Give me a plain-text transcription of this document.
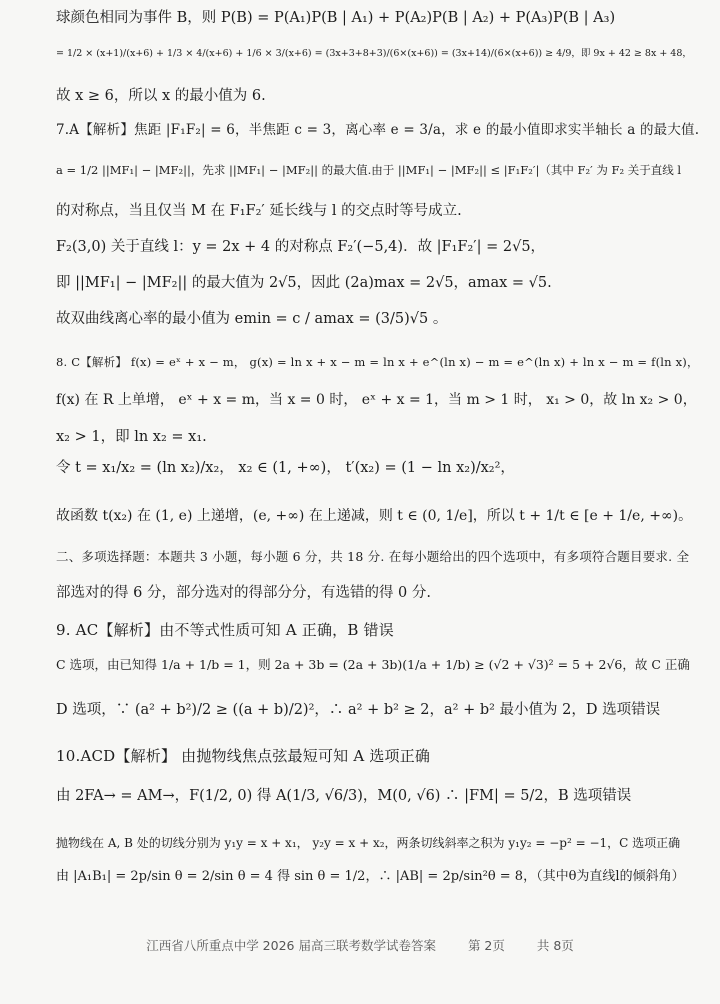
球颜色相同为事件 B，则 P(B) = P(A₁)P(B | A₁) + P(A₂)P(B | A₂) + P(A₃)P(B | A₃)
= 1/2 × (x+1)/(x+6) + 1/3 × 4/(x+6) + 1/6 × 3/(x+6) = (3x+3+8+3)/(6×(x+6)) = (3x+14)/(6×(x+6)) ≥ 4/9，即 9x + 42 ≥ 8x + 48，
故 x ≥ 6，所以 x 的最小值为 6.
7.A【解析】焦距 |F₁F₂| = 6，半焦距 c = 3，离心率 e = 3/a，求 e 的最小值即求实半轴长 a 的最大值.
a = 1/2 ||MF₁| − |MF₂||，先求 ||MF₁| − |MF₂|| 的最大值.由于 ||MF₁| − |MF₂|| ≤ |F₁F₂′|（其中 F₂′ 为 F₂ 关于直线 l
的对称点，当且仅当 M 在 F₁F₂′ 延长线与 l 的交点时等号成立.
F₂(3,0) 关于直线 l：y = 2x + 4 的对称点 F₂′(−5,4)．故 |F₁F₂′| = 2√5，
即 ||MF₁| − |MF₂|| 的最大值为 2√5，因此 (2a)max = 2√5，amax = √5.
故双曲线离心率的最小值为 emin = c / amax = (3/5)√5 。
8. C【解析】 f(x) = eˣ + x − m， g(x) = ln x + x − m = ln x + e^(ln x) − m = e^(ln x) + ln x − m = f(ln x)，
f(x) 在 R 上单增， eˣ + x = m，当 x = 0 时， eˣ + x = 1，当 m > 1 时， x₁ > 0，故 ln x₂ > 0，
x₂ > 1，即 ln x₂ = x₁.
令 t = x₁/x₂ = (ln x₂)/x₂， x₂ ∈ (1, +∞)， t′(x₂) = (1 − ln x₂)/x₂²，
故函数 t(x₂) 在 (1, e) 上递增，(e, +∞) 在上递减，则 t ∈ (0, 1/e]，所以 t + 1/t ∈ [e + 1/e, +∞)。
二、多项选择题：本题共 3 小题，每小题 6 分，共 18 分. 在每小题给出的四个选项中，有多项符合题目要求. 全
部选对的得 6 分，部分选对的得部分分，有选错的得 0 分.
9. AC【解析】由不等式性质可知 A 正确，B 错误
C 选项，由已知得 1/a + 1/b = 1，则 2a + 3b = (2a + 3b)(1/a + 1/b) ≥ (√2 + √3)² = 5 + 2√6，故 C 正确
D 选项，∵ (a² + b²)/2 ≥ ((a + b)/2)²，∴ a² + b² ≥ 2，a² + b² 最小值为 2，D 选项错误
10.ACD【解析】 由抛物线焦点弦最短可知 A 选项正确
由 2FA→ = AM→，F(1/2, 0) 得 A(1/3, √6/3)，M(0, √6) ∴ |FM| = 5/2，B 选项错误
抛物线在 A, B 处的切线分别为 y₁y = x + x₁， y₂y = x + x₂，两条切线斜率之积为 y₁y₂ = −p² = −1，C 选项正确
由 |A₁B₁| = 2p/sin θ = 2/sin θ = 4 得 sin θ = 1/2，∴ |AB| = 2p/sin²θ = 8，（其中θ为直线l的倾斜角）
江西省八所重点中学 2026 届高三联考数学试卷答案	第 2页	共 8页
